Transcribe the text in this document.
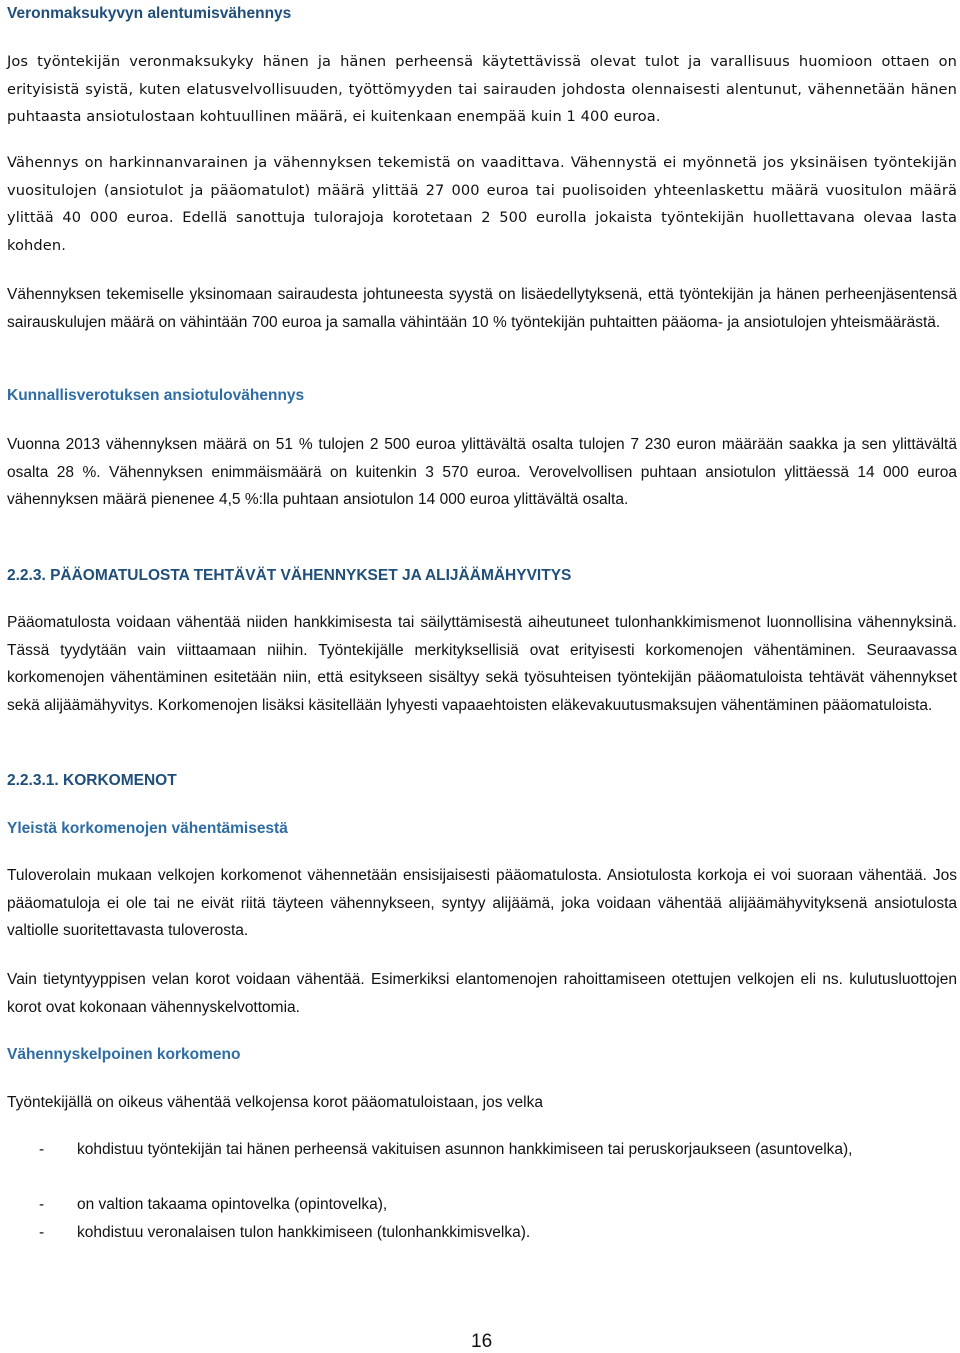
Veronmaksukyvyn alentumisvähennys
Jos työntekijän veronmaksukyky hänen ja hänen perheensä käytettävissä olevat tulot ja varallisuus huomioon ottaen on erityisistä syistä, kuten elatusvelvollisuuden, työttömyyden tai sairauden johdosta olennaisesti alentunut, vähennetään hänen puhtaasta ansiotulostaan kohtuullinen määrä, ei kuitenkaan enempää kuin 1 400 euroa.
Vähennys on harkinnanvarainen ja vähennyksen tekemistä on vaadittava. Vähennystä ei myönnetä jos yksinäisen työntekijän vuositulojen (ansiotulot ja pääomatulot) määrä ylittää 27 000 euroa tai puolisoiden yhteenlaskettu määrä vuositulon määrä ylittää 40 000 euroa. Edellä sanottuja tulorajoja korotetaan 2 500 eurolla jokaista työntekijän huollettavana olevaa lasta kohden.
Vähennyksen tekemiselle yksinomaan sairaudesta johtuneesta syystä on lisäedellytyksenä, että työntekijän ja hänen perheenjäsentensä sairauskulujen määrä on vähintään 700 euroa ja samalla vähintään 10 % työntekijän puhtaitten pääoma- ja ansiotulojen yhteismäärästä.
Kunnallisverotuksen ansiotulovähennys
Vuonna 2013 vähennyksen määrä on 51 % tulojen 2 500 euroa ylittävältä osalta tulojen 7 230 euron määrään saakka ja sen ylittävältä osalta 28 %. Vähennyksen enimmäismäärä on kuitenkin 3 570 euroa. Verovelvollisen puhtaan ansiotulon ylittäessä 14 000 euroa vähennyksen määrä pienenee 4,5 %:lla puhtaan ansiotulon 14 000 euroa ylittävältä osalta.
2.2.3. PÄÄOMATULOSTA TEHTÄVÄT VÄHENNYKSET JA ALIJÄÄMÄHYVITYS
Pääomatulosta voidaan vähentää niiden hankkimisesta tai säilyttämisestä aiheutuneet tulonhankkimismenot luonnollisina vähennyksinä. Tässä tyydytään vain viittaamaan niihin. Työntekijälle merkityksellisiä ovat erityisesti korkomenojen vähentäminen. Seuraavassa korkomenojen vähentäminen esitetään niin, että esitykseen sisältyy sekä työsuhteisen työntekijän pääomatuloista tehtävät vähennykset sekä alijäämähyvitys. Korkomenojen lisäksi käsitellään lyhyesti vapaaehtoisten eläkevakuutusmaksujen vähentäminen pääomatuloista.
2.2.3.1. KORKOMENOT
Yleistä korkomenojen vähentämisestä
Tuloverolain mukaan velkojen korkomenot vähennetään ensisijaisesti pääomatulosta. Ansiotulosta korkoja ei voi suoraan vähentää. Jos pääomatuloja ei ole tai ne eivät riitä täyteen vähennykseen, syntyy alijäämä, joka voidaan vähentää alijäämähyvityksenä ansiotulosta valtiolle suoritettavasta tuloverosta.
Vain tietyntyyppisen velan korot voidaan vähentää. Esimerkiksi elantomenojen rahoittamiseen otettujen velkojen eli ns. kulutusluottojen korot ovat kokonaan vähennyskelvottomia.
Vähennyskelpoinen korkomeno
Työntekijällä on oikeus vähentää velkojensa korot pääomatuloistaan, jos velka
- kohdistuu työntekijän tai hänen perheensä vakituisen asunnon hankkimiseen tai peruskorjaukseen (asuntovelka),
- on valtion takaama opintovelka (opintovelka),
- kohdistuu veronalaisen tulon hankkimiseen (tulonhankkimisvelka).
16
